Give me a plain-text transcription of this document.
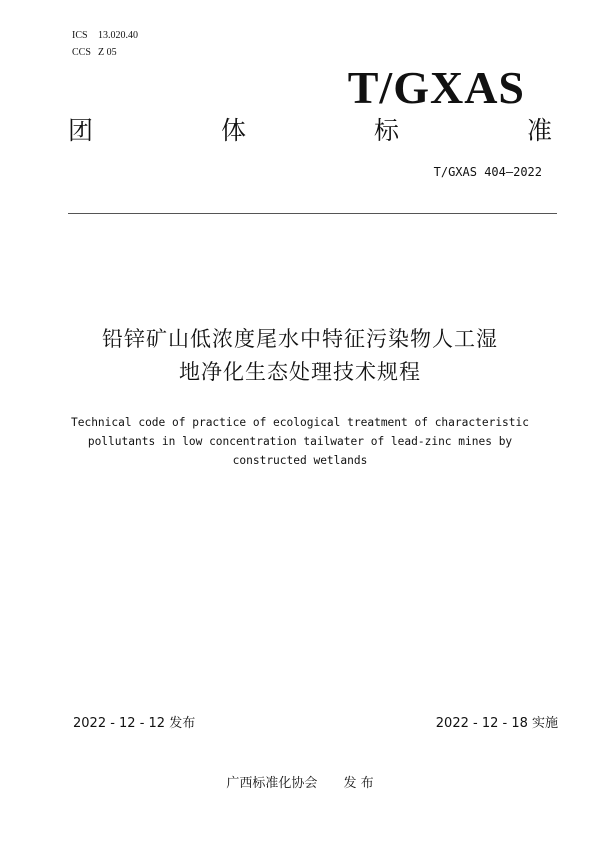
ICS 13.020.40
CCS Z 05
T/GXAS
团	体	标	准
T/GXAS 404—2022
铅锌矿山低浓度尾水中特征污染物人工湿
地净化生态处理技术规程
Technical code of practice of ecological treatment of characteristic
pollutants in low concentration tailwater of lead-zinc mines by
constructed wetlands
2022 - 12 - 12 发布	2022 - 12 - 18 实施
广西标准化协会 发 布
